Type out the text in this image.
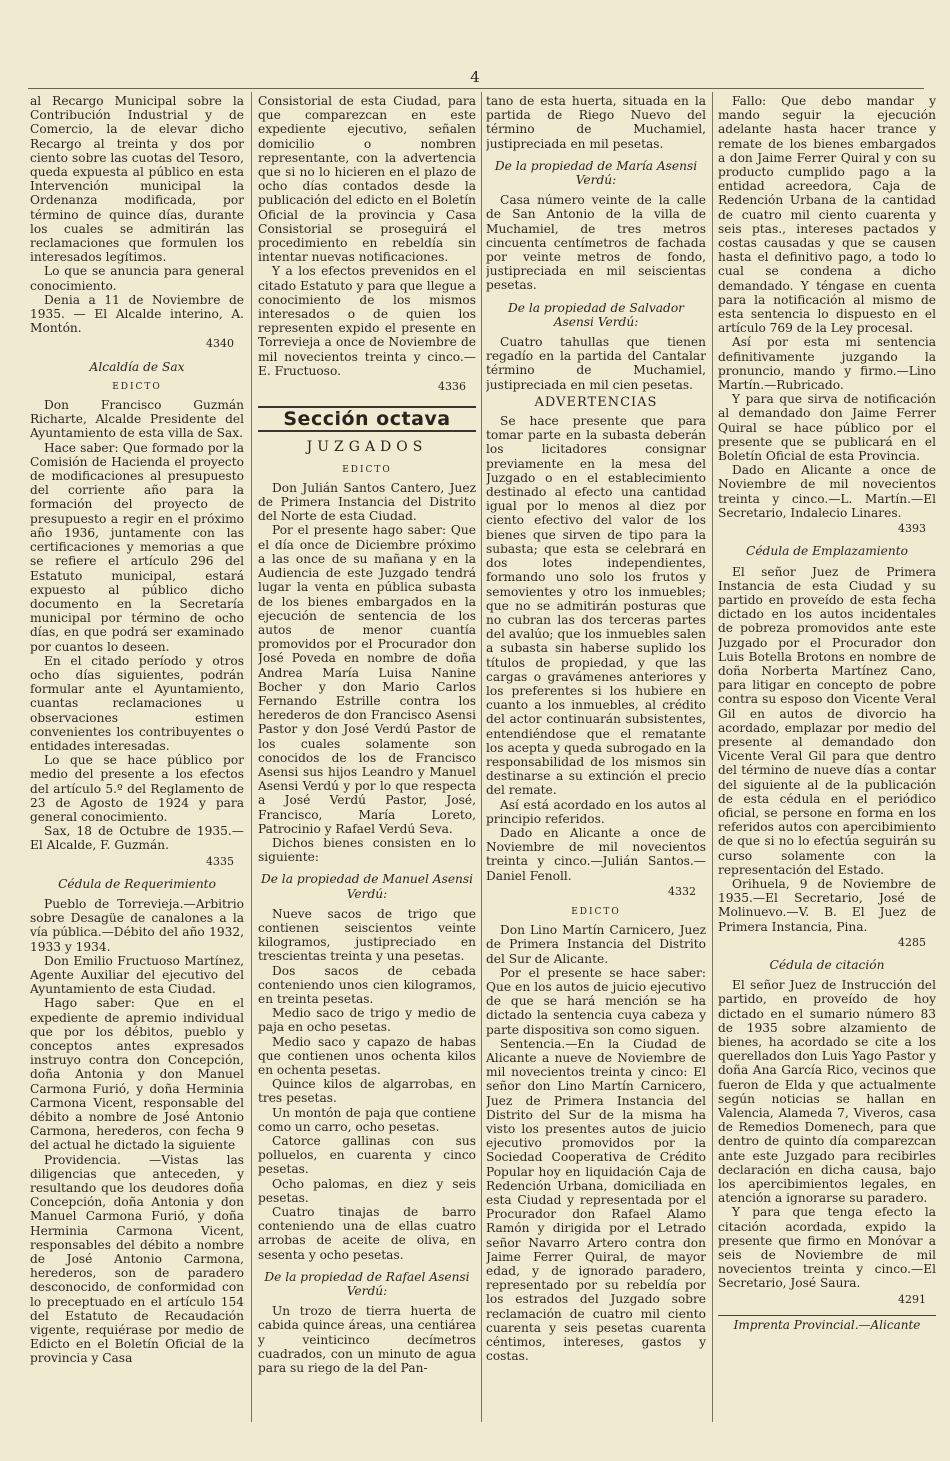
4

al Recargo Municipal sobre la Contribución Industrial y de Comercio, la de elevar dicho Recargo al treinta y dos por ciento sobre las cuotas del Tesoro, queda expuesta al público en esta Intervención municipal la Ordenanza modificada, por término de quince días, durante los cuales se admitirán las reclamaciones que formulen los interesados legítimos.

Lo que se anuncia para general conocimiento.

Denia a 11 de Noviembre de 1935. — El Alcalde interino, A. Montón.

4340

Alcaldía de Sax

EDICTO

Don Francisco Guzmán Richarte, Alcalde Presidente del Ayuntamiento de esta villa de Sax.

Hace saber: Que formado por la Comisión de Hacienda el proyecto de modificaciones al presupuesto del corriente año para la formación del proyecto de presupuesto a regir en el próximo año 1936, juntamente con las certificaciones y memorias a que se refiere el artículo 296 del Estatuto municipal, estará expuesto al público dicho documento en la Secretaría municipal por término de ocho días, en que podrá ser examinado por cuantos lo deseen.

En el citado período y otros ocho días siguientes, podrán formular ante el Ayuntamiento, cuantas reclamaciones u observaciones estimen convenientes los contribuyentes o entidades interesadas.

Lo que se hace público por medio del presente a los efectos del artículo 5.º del Reglamento de 23 de Agosto de 1924 y para general conocimiento.

Sax, 18 de Octubre de 1935.— El Alcalde, F. Guzmán.

4335

Cédula de Requerimiento

Pueblo de Torrevieja.—Arbitrio sobre Desagüe de canalones a la vía pública.—Débito del año 1932, 1933 y 1934.

Don Emilio Fructuoso Martínez, Agente Auxiliar del ejecutivo del Ayuntamiento de esta Ciudad.

Hago saber: Que en el expediente de apremio individual que por los débitos, pueblo y conceptos antes expresados instruyo contra don Concepción, doña Antonia y don Manuel Carmona Furió, y doña Herminia Carmona Vicent, responsable del débito a nombre de José Antonio Carmona, herederos, con fecha 9 del actual he dictado la siguiente

Providencia. —Vistas las diligencias que anteceden, y resultando que los deudores doña Concepción, doña Antonia y don Manuel Carmona Furió, y doña Herminia Carmona Vicent, responsables del débito a nombre de José Antonio Carmona, herederos, son de paradero desconocido, de conformidad con lo preceptuado en el artículo 154 del Estatuto de Recaudación vigente, requiérase por medio de Edicto en el Boletín Oficial de la provincia y Casa

Consistorial de esta Ciudad, para que comparezcan en este expediente ejecutivo, señalen domicilio o nombren representante, con la advertencia que si no lo hicieren en el plazo de ocho días contados desde la publicación del edicto en el Boletín Oficial de la provincia y Casa Consistorial se proseguirá el procedimiento en rebeldía sin intentar nuevas notificaciones.

Y a los efectos prevenidos en el citado Estatuto y para que llegue a conocimiento de los mismos interesados o de quien los representen expido el presente en Torrevieja a once de Noviembre de mil novecientos treinta y cinco.—E. Fructuoso.

4336

Sección octava

JUZGADOS

EDICTO

Don Julián Santos Cantero, Juez de Primera Instancia del Distrito del Norte de esta Ciudad.

Por el presente hago saber: Que el día once de Diciembre próximo a las once de su mañana y en la Audiencia de este Juzgado tendrá lugar la venta en pública subasta de los bienes embargados en la ejecución de sentencia de los autos de menor cuantía promovidos por el Procurador don José Poveda en nombre de doña Andrea María Luisa Nanine Bocher y don Mario Carlos Fernando Estrille contra los herederos de don Francisco Asensi Pastor y don José Verdú Pastor de los cuales solamente son conocidos de los de Francisco Asensi sus hijos Leandro y Manuel Asensi Verdú y por lo que respecta a José Verdú Pastor, José, Francisco, María Loreto, Patrocinio y Rafael Verdú Seva.

Dichos bienes consisten en lo siguiente:

De la propiedad de Manuel Asensi Verdú:

Nueve sacos de trigo que contienen seiscientos veinte kilogramos, justipreciado en trescientas treinta y una pesetas.

Dos sacos de cebada conteniendo unos cien kilogramos, en treinta pesetas.

Medio saco de trigo y medio de paja en ocho pesetas.

Medio saco y capazo de habas que contienen unos ochenta kilos en ochenta pesetas.

Quince kilos de algarrobas, en tres pesetas.

Un montón de paja que contiene como un carro, ocho pesetas.

Catorce gallinas con sus polluelos, en cuarenta y cinco pesetas.

Ocho palomas, en diez y seis pesetas.

Cuatro tinajas de barro conteniendo una de ellas cuatro arrobas de aceite de oliva, en sesenta y ocho pesetas.

De la propiedad de Rafael Asensi Verdú:

Un trozo de tierra huerta de cabida quince áreas, una centiárea y veinticinco decímetros cuadrados, con un minuto de agua para su riego de la del Pan-

tano de esta huerta, situada en la partida de Riego Nuevo del término de Muchamiel, justipreciada en mil pesetas.

De la propiedad de María Asensi Verdú:

Casa número veinte de la calle de San Antonio de la villa de Muchamiel, de tres metros cincuenta centímetros de fachada por veinte metros de fondo, justipreciada en mil seiscientas pesetas.

De la propiedad de Salvador Asensi Verdú:

Cuatro tahullas que tienen regadío en la partida del Cantalar término de Muchamiel, justipreciada en mil cien pesetas.

ADVERTENCIAS

Se hace presente que para tomar parte en la subasta deberán los licitadores consignar previamente en la mesa del Juzgado o en el establecimiento destinado al efecto una cantidad igual por lo menos al diez por ciento efectivo del valor de los bienes que sirven de tipo para la subasta; que esta se celebrará en dos lotes independientes, formando uno solo los frutos y semovientes y otro los inmuebles; que no se admitirán posturas que no cubran las dos terceras partes del avalúo; que los inmuebles salen a subasta sin haberse suplido los títulos de propiedad, y que las cargas o gravámenes anteriores y los preferentes si los hubiere en cuanto a los inmuebles, al crédito del actor continuarán subsistentes, entendiéndose que el rematante los acepta y queda subrogado en la responsabilidad de los mismos sin destinarse a su extinción el precio del remate.

Así está acordado en los autos al principio referidos.

Dado en Alicante a once de Noviembre de mil novecientos treinta y cinco.—Julián Santos.—Daniel Fenoll.

4332

EDICTO

Don Lino Martín Carnicero, Juez de Primera Instancia del Distrito del Sur de Alicante.

Por el presente se hace saber: Que en los autos de juicio ejecutivo de que se hará mención se ha dictado la sentencia cuya cabeza y parte dispositiva son como siguen.

Sentencia.—En la Ciudad de Alicante a nueve de Noviembre de mil novecientos treinta y cinco: El señor don Lino Martín Carnicero, Juez de Primera Instancia del Distrito del Sur de la misma ha visto los presentes autos de juicio ejecutivo promovidos por la Sociedad Cooperativa de Crédito Popular hoy en liquidación Caja de Redención Urbana, domiciliada en esta Ciudad y representada por el Procurador don Rafael Alamo Ramón y dirigida por el Letrado señor Navarro Artero contra don Jaime Ferrer Quiral, de mayor edad, y de ignorado paradero, representado por su rebeldía por los estrados del Juzgado sobre reclamación de cuatro mil ciento cuarenta y seis pesetas cuarenta céntimos, intereses, gastos y costas.

Fallo: Que debo mandar y mando seguir la ejecución adelante hasta hacer trance y remate de los bienes embargados a don Jaime Ferrer Quiral y con su producto cumplido pago a la entidad acreedora, Caja de Redención Urbana de la cantidad de cuatro mil ciento cuarenta y seis ptas., intereses pactados y costas causadas y que se causen hasta el definitivo pago, a todo lo cual se condena a dicho demandado. Y téngase en cuenta para la notificación al mismo de esta sentencia lo dispuesto en el artículo 769 de la Ley procesal.

Así por esta mi sentencia definitivamente juzgando la pronuncio, mando y firmo.—Lino Martín.—Rubricado.

Y para que sirva de notificación al demandado don Jaime Ferrer Quiral se hace público por el presente que se publicará en el Boletín Oficial de esta Provincia.

Dado en Alicante a once de Noviembre de mil novecientos treinta y cinco.—L. Martín.—El Secretario, Indalecio Linares.

4393

Cédula de Emplazamiento

El señor Juez de Primera Instancia de esta Ciudad y su partido en proveído de esta fecha dictado en los autos incidentales de pobreza promovidos ante este Juzgado por el Procurador don Luis Botella Brotons en nombre de doña Norberta Martínez Cano, para litigar en concepto de pobre contra su esposo don Vicente Veral Gil en autos de divorcio ha acordado, emplazar por medio del presente al demandado don Vicente Veral Gil para que dentro del término de nueve días a contar del siguiente al de la publicación de esta cédula en el periódico oficial, se persone en forma en los referidos autos con apercibimiento de que si no lo efectúa seguirán su curso solamente con la representación del Estado.

Orihuela, 9 de Noviembre de 1935.—El Secretario, José de Molinuevo.—V. B. El Juez de Primera Instancia, Pina.

4285

Cédula de citación

El señor Juez de Instrucción del partido, en proveído de hoy dictado en el sumario número 83 de 1935 sobre alzamiento de bienes, ha acordado se cite a los querellados don Luis Yago Pastor y doña Ana García Rico, vecinos que fueron de Elda y que actualmente según noticias se hallan en Valencia, Alameda 7, Viveros, casa de Remedios Domenech, para que dentro de quinto día comparezcan ante este Juzgado para recibirles declaración en dicha causa, bajo los apercibimientos legales, en atención a ignorarse su paradero.

Y para que tenga efecto la citación acordada, expido la presente que firmo en Monóvar a seis de Noviembre de mil novecientos treinta y cinco.—El Secretario, José Saura.

4291

Imprenta Provincial.—Alicante
